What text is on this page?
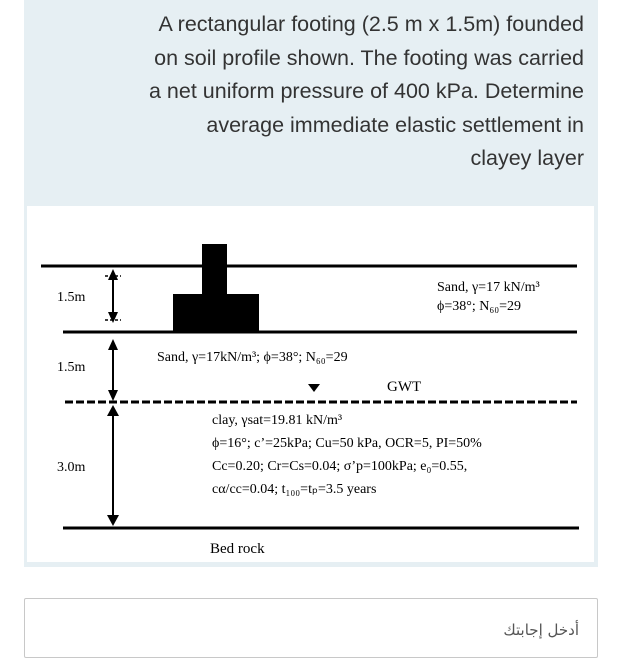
A rectangular footing (2.5 m x 1.5m) founded
on soil profile shown. The footing was carried
a net uniform pressure of 400 kPa. Determine
average immediate elastic settlement in
clayey layer

1.5m
1.5m
3.0m
Sand, γ=17 kN/m³
ϕ=38°; N₆₀=29
Sand, γ=17kN/m³; ϕ=38°; N₆₀=29
GWT
clay, γsat=19.81 kN/m³
ϕ=16°; c’=25kPa; Cu=50 kPa, OCR=5, PI=50%
Cc=0.20; Cr=Cs=0.04; σ’p=100kPa; e₀=0.55,
cα/cc=0.04; t₁₀₀=tₚ=3.5 years
Bed rock
أدخل إجابتك
